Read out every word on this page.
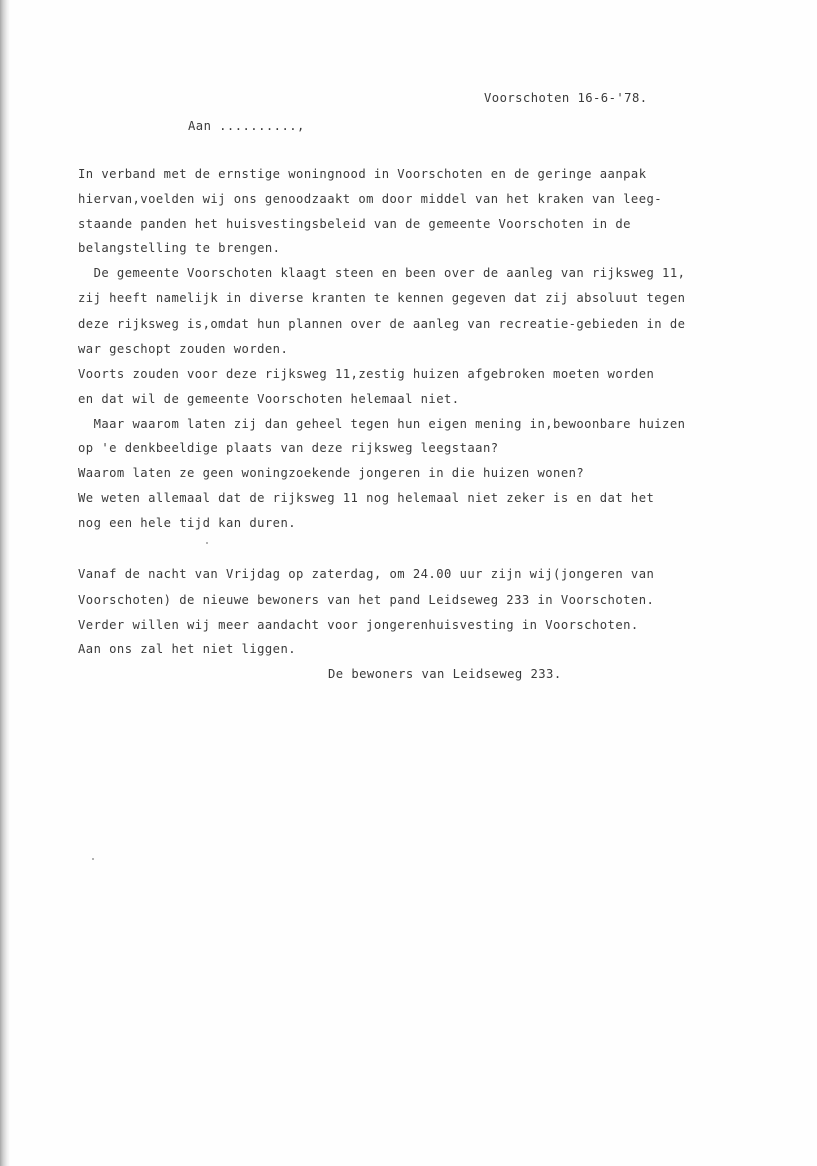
Voorschoten 16-6-'78.
Aan ..........,
In verband met de ernstige woningnood in Voorschoten en de geringe aanpak
hiervan,voelden wij ons genoodzaakt om door middel van het kraken van leeg-
staande panden het huisvestingsbeleid van de gemeente Voorschoten in de
belangstelling te brengen.
De gemeente Voorschoten klaagt steen en been over de aanleg van rijksweg 11,
zij heeft namelijk in diverse kranten te kennen gegeven dat zij absoluut tegen
deze rijksweg is,omdat hun plannen over de aanleg van recreatie-gebieden in de
war geschopt zouden worden.
Voorts zouden voor deze rijksweg 11,zestig huizen afgebroken moeten worden
en dat wil de gemeente Voorschoten helemaal niet.
Maar waarom laten zij dan geheel tegen hun eigen mening in,bewoonbare huizen
op 'e denkbeeldige plaats van deze rijksweg leegstaan?
Waarom laten ze geen woningzoekende jongeren in die huizen wonen?
We weten allemaal dat de rijksweg 11 nog helemaal niet zeker is en dat het
nog een hele tijd kan duren.
Vanaf de nacht van Vrijdag op zaterdag, om 24.00 uur zijn wij(jongeren van
Voorschoten) de nieuwe bewoners van het pand Leidseweg 233 in Voorschoten.
Verder willen wij meer aandacht voor jongerenhuisvesting in Voorschoten.
Aan ons zal het niet liggen.
De bewoners van Leidseweg 233.
